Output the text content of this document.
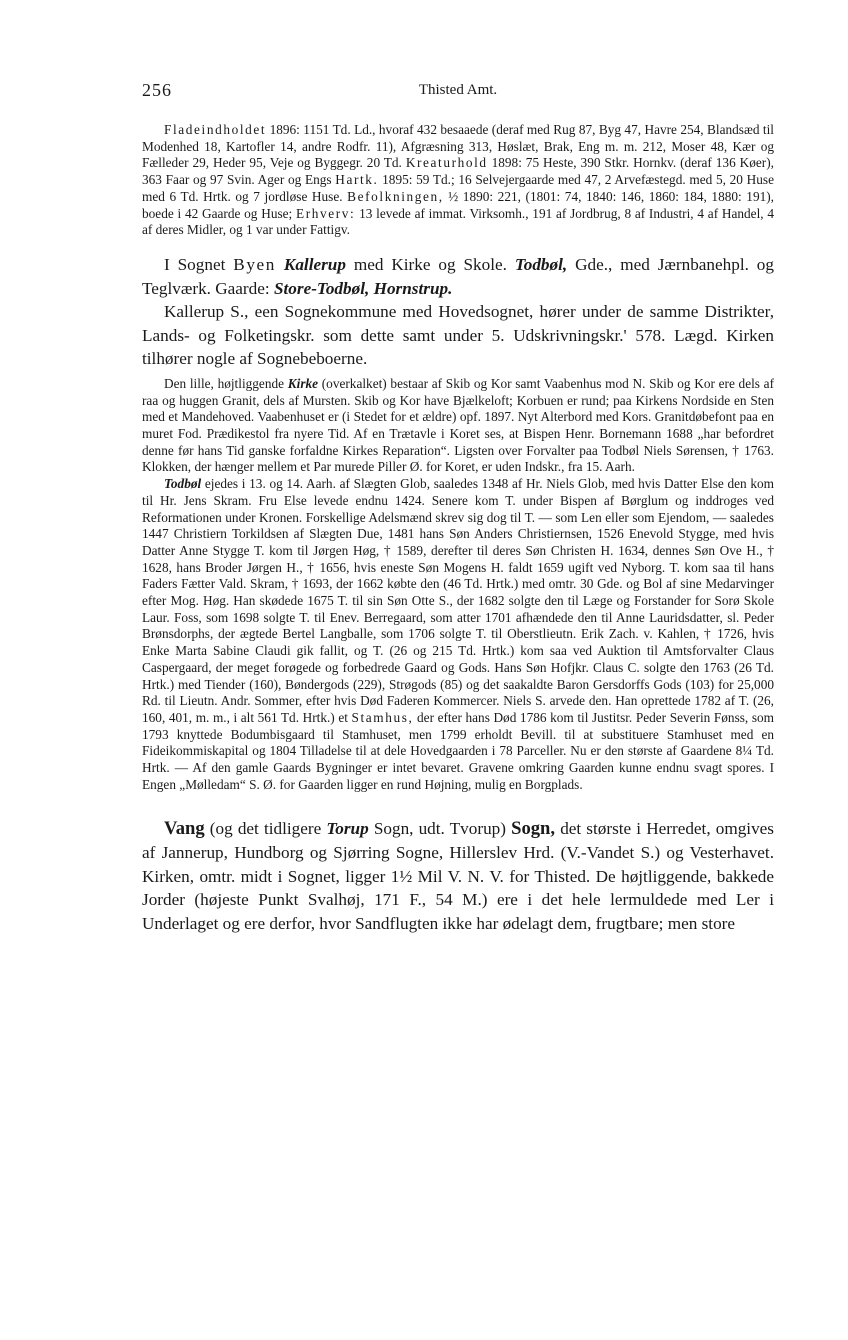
256	Thisted Amt.

Fladeindholdet 1896: 1151 Td. Ld., hvoraf 432 besaaede (deraf med Rug 87, Byg 47, Havre 254, Blandsæd til Modenhed 18, Kartofler 14, andre Rodfr. 11), Afgræsning 313, Høslæt, Brak, Eng m. m. 212, Moser 48, Kær og Fælleder 29, Heder 95, Veje og Byggegr. 20 Td. Kreaturhold 1898: 75 Heste, 390 Stkr. Hornkv. (deraf 136 Køer), 363 Faar og 97 Svin. Ager og Engs Hartk. 1895: 59 Td.; 16 Selvejergaarde med 47, 2 Arvefæstegd. med 5, 20 Huse med 6 Td. Hrtk. og 7 jordløse Huse. Befolkningen, ½ 1890: 221, (1801: 74, 1840: 146, 1860: 184, 1880: 191), boede i 42 Gaarde og Huse; Erhverv: 13 levede af immat. Virksomh., 191 af Jordbrug, 8 af Industri, 4 af Handel, 4 af deres Midler, og 1 var under Fattigv.

I Sognet Byen Kallerup med Kirke og Skole. Todbøl, Gde., med Jærnbanehpl. og Teglværk. Gaarde: Store-Todbøl, Hornstrup.

Kallerup S., een Sognekommune med Hovedsognet, hører under de samme Distrikter, Lands- og Folketingskr. som dette samt under 5. Udskrivningskr.' 578. Lægd. Kirken tilhører nogle af Sognebeboerne.

Den lille, højtliggende Kirke (overkalket) bestaar af Skib og Kor samt Vaabenhus mod N. Skib og Kor ere dels af raa og huggen Granit, dels af Mursten. Skib og Kor have Bjælkeloft; Korbuen er rund; paa Kirkens Nordside en Sten med et Mandehoved. Vaabenhuset er (i Stedet for et ældre) opf. 1897. Nyt Alterbord med Kors. Granitdøbefont paa en muret Fod. Prædikestol fra nyere Tid. Af en Trætavle i Koret ses, at Bispen Henr. Bornemann 1688 „har befordret denne før hans Tid ganske forfaldne Kirkes Reparation“. Ligsten over Forvalter paa Todbøl Niels Sørensen, † 1763. Klokken, der hænger mellem et Par murede Piller Ø. for Koret, er uden Indskr., fra 15. Aarh.

Todbøl ejedes i 13. og 14. Aarh. af Slægten Glob, saaledes 1348 af Hr. Niels Glob, med hvis Datter Else den kom til Hr. Jens Skram. Fru Else levede endnu 1424. Senere kom T. under Bispen af Børglum og inddroges ved Reformationen under Kronen. Forskellige Adelsmænd skrev sig dog til T. — som Len eller som Ejendom, — saaledes 1447 Christiern Torkildsen af Slægten Due, 1481 hans Søn Anders Christiernsen, 1526 Enevold Stygge, med hvis Datter Anne Stygge T. kom til Jørgen Høg, † 1589, derefter til deres Søn Christen H. 1634, dennes Søn Ove H., † 1628, hans Broder Jørgen H., † 1656, hvis eneste Søn Mogens H. faldt 1659 ugift ved Nyborg. T. kom saa til hans Faders Fætter Vald. Skram, † 1693, der 1662 købte den (46 Td. Hrtk.) med omtr. 30 Gde. og Bol af sine Medarvinger efter Mog. Høg. Han skødede 1675 T. til sin Søn Otte S., der 1682 solgte den til Læge og Forstander for Sorø Skole Laur. Foss, som 1698 solgte T. til Enev. Berregaard, som atter 1701 afhændede den til Anne Lauridsdatter, sl. Peder Brønsdorphs, der ægtede Bertel Langballe, som 1706 solgte T. til Oberstlieutn. Erik Zach. v. Kahlen, † 1726, hvis Enke Marta Sabine Claudi gik fallit, og T. (26 og 215 Td. Hrtk.) kom saa ved Auktion til Amtsforvalter Claus Caspergaard, der meget forøgede og forbedrede Gaard og Gods. Hans Søn Hofjkr. Claus C. solgte den 1763 (26 Td. Hrtk.) med Tiender (160), Bøndergods (229), Strøgods (85) og det saakaldte Baron Gersdorffs Gods (103) for 25,000 Rd. til Lieutn. Andr. Sommer, efter hvis Død Faderen Kommercer. Niels S. arvede den. Han oprettede 1782 af T. (26, 160, 401, m. m., i alt 561 Td. Hrtk.) et Stamhus, der efter hans Død 1786 kom til Justitsr. Peder Severin Fønss, som 1793 knyttede Bodumbisgaard til Stamhuset, men 1799 erholdt Bevill. til at substituere Stamhuset med en Fideikommiskapital og 1804 Tilladelse til at dele Hovedgaarden i 78 Parceller. Nu er den største af Gaardene 8¼ Td. Hrtk. — Af den gamle Gaards Bygninger er intet bevaret. Gravene omkring Gaarden kunne endnu svagt spores. I Engen „Mølledam“ S. Ø. for Gaarden ligger en rund Højning, mulig en Borgplads.

Vang (og det tidligere Torup Sogn, udt. Tvorup) Sogn, det største i Herredet, omgives af Jannerup, Hundborg og Sjørring Sogne, Hillerslev Hrd. (V.-Vandet S.) og Vesterhavet. Kirken, omtr. midt i Sognet, ligger 1½ Mil V. N. V. for Thisted. De højtliggende, bakkede Jorder (højeste Punkt Svalhøj, 171 F., 54 M.) ere i det hele lermuldede med Ler i Underlaget og ere derfor, hvor Sandflugten ikke har ødelagt dem, frugtbare; men store
